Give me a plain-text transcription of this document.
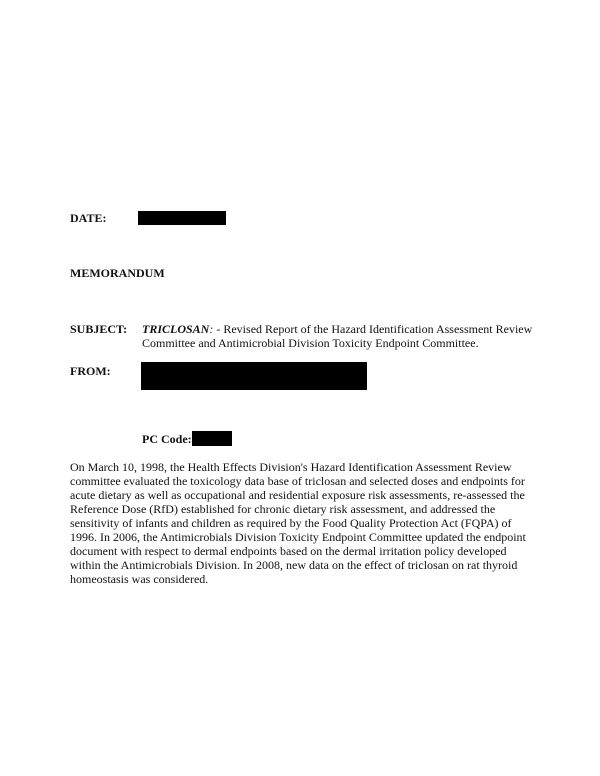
DATE:
MEMORANDUM
SUBJECT: TRICLOSAN: - Revised Report of the Hazard Identification Assessment Review
Committee and Antimicrobial Division Toxicity Endpoint Committee.
FROM:
PC Code:
On March 10, 1998, the Health Effects Division's Hazard Identification Assessment Review
committee evaluated the toxicology data base of triclosan and selected doses and endpoints for
acute dietary as well as occupational and residential exposure risk assessments, re-assessed the
Reference Dose (RfD) established for chronic dietary risk assessment, and addressed the
sensitivity of infants and children as required by the Food Quality Protection Act (FQPA) of
1996. In 2006, the Antimicrobials Division Toxicity Endpoint Committee updated the endpoint
document with respect to dermal endpoints based on the dermal irritation policy developed
within the Antimicrobials Division. In 2008, new data on the effect of triclosan on rat thyroid
homeostasis was considered.
